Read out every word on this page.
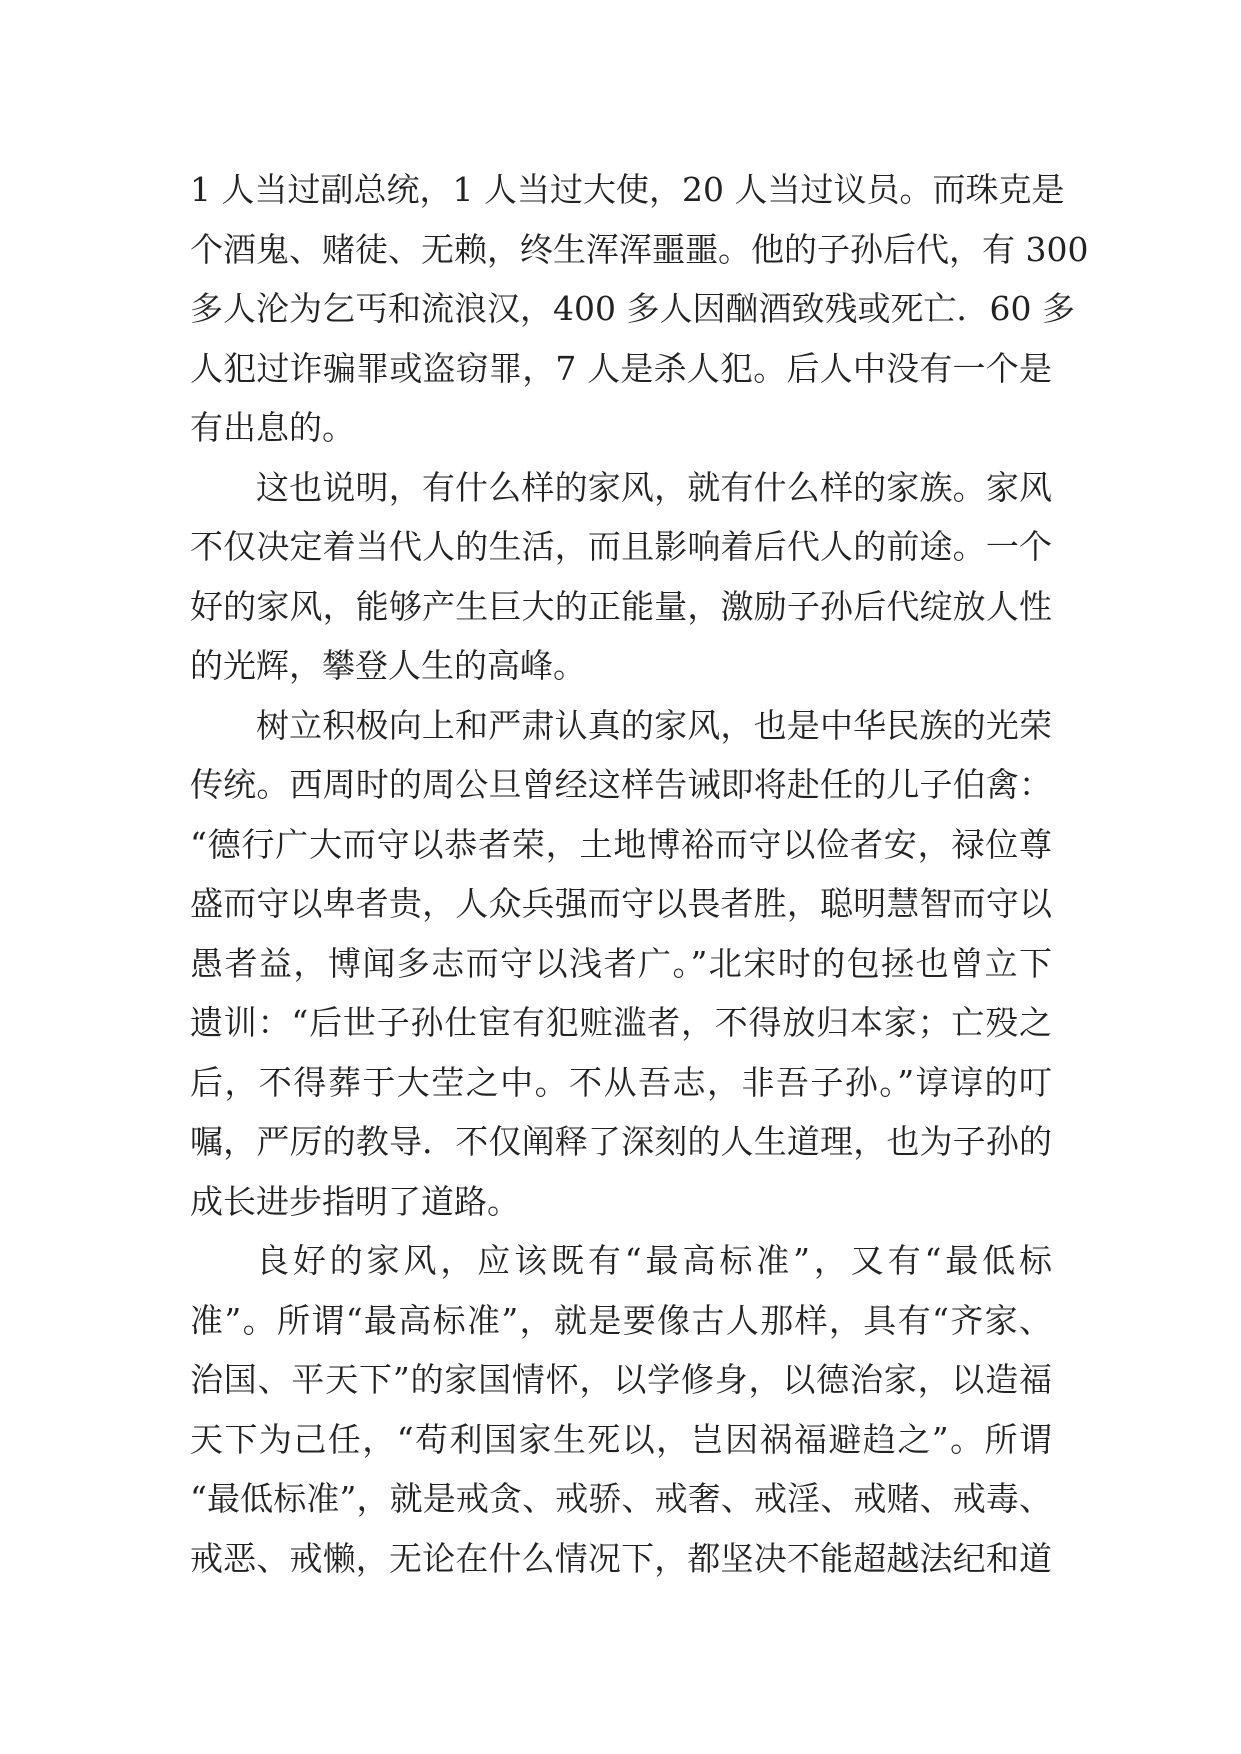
1 人当过副总统，1 人当过大使，20 人当过议员。而珠克是
个酒鬼、赌徒、无赖，终生浑浑噩噩。他的子孙后代，有 300
多人沦为乞丐和流浪汉，400 多人因酗酒致残或死亡．60 多
人犯过诈骗罪或盗窃罪，7 人是杀人犯。后人中没有一个是
有出息的。
这也说明，有什么样的家风，就有什么样的家族。家风
不仅决定着当代人的生活，而且影响着后代人的前途。一个
好的家风，能够产生巨大的正能量，激励子孙后代绽放人性
的光辉，攀登人生的高峰。
树立积极向上和严肃认真的家风，也是中华民族的光荣
传统。西周时的周公旦曾经这样告诫即将赴任的儿子伯禽：
“德行广大而守以恭者荣，土地博裕而守以俭者安，禄位尊
盛而守以卑者贵，人众兵强而守以畏者胜，聪明慧智而守以
愚者益，博闻多志而守以浅者广。”北宋时的包拯也曾立下
遗训：“后世子孙仕宦有犯赃滥者，不得放归本家；亡殁之
后，不得葬于大茔之中。不从吾志，非吾子孙。”谆谆的叮
嘱，严厉的教导．不仅阐释了深刻的人生道理，也为子孙的
成长进步指明了道路。
良好的家风，应该既有“最高标准”，又有“最低标
准”。所谓“最高标准”，就是要像古人那样，具有“齐家、
治国、平天下”的家国情怀，以学修身，以德治家，以造福
天下为己任，“苟利国家生死以，岂因祸福避趋之”。所谓
“最低标准”，就是戒贪、戒骄、戒奢、戒淫、戒赌、戒毒、
戒恶、戒懒，无论在什么情况下，都坚决不能超越法纪和道
